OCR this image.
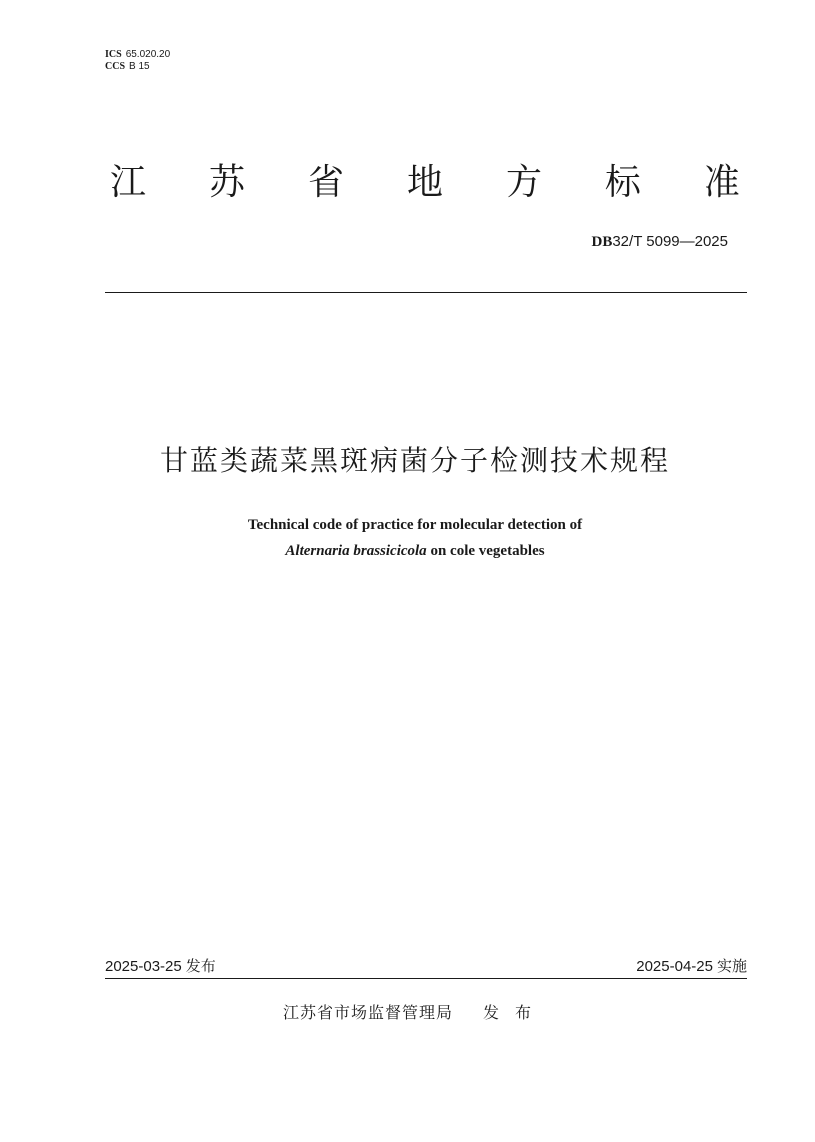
ICS 65.020.20
CCS B 15
江 苏 省 地 方 标 准
DB32/T 5099—2025
甘蓝类蔬菜黑斑病菌分子检测技术规程
Technical code of practice for molecular detection of
Alternaria brassicicola on cole vegetables
2025-03-25 发布	2025-04-25 实施
江苏省市场监督管理局 发布
